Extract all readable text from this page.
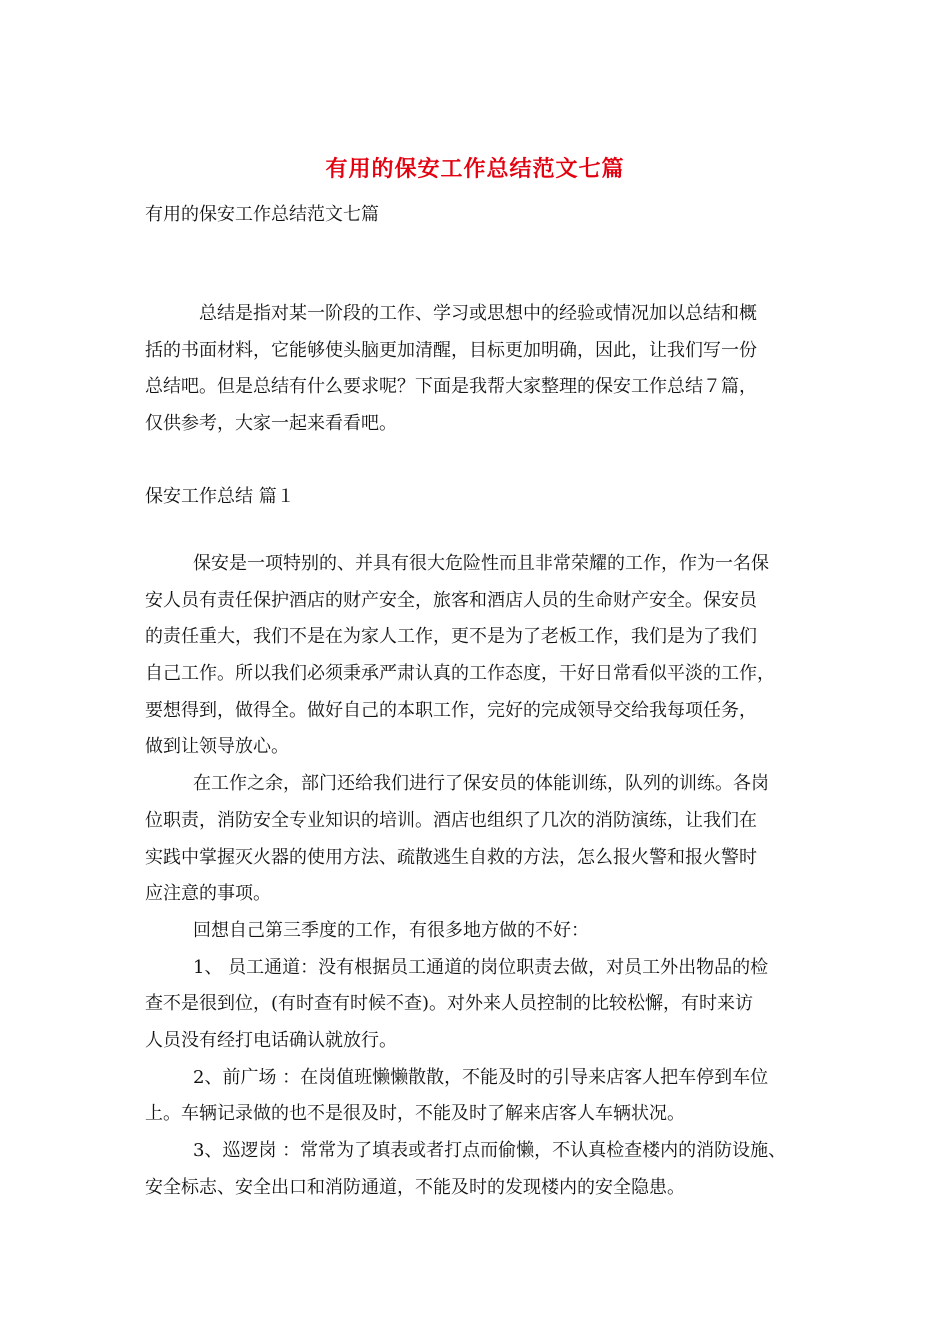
有用的保安工作总结范文七篇
有用的保安工作总结范文七篇
总结是指对某一阶段的工作、学习或思想中的经验或情况加以总结和概
括的书面材料，它能够使头脑更加清醒，目标更加明确，因此，让我们写一份
总结吧。但是总结有什么要求呢？下面是我帮大家整理的保安工作总结７篇，
仅供参考，大家一起来看看吧。
保安工作总结 篇１
保安是一项特别的、并具有很大危险性而且非常荣耀的工作，作为一名保
安人员有责任保护酒店的财产安全，旅客和酒店人员的生命财产安全。保安员
的责任重大，我们不是在为家人工作，更不是为了老板工作，我们是为了我们
自己工作。所以我们必须秉承严肃认真的工作态度，干好日常看似平淡的工作，
要想得到，做得全。做好自己的本职工作，完好的完成领导交给我每项任务，
做到让领导放心。
在工作之余，部门还给我们进行了保安员的体能训练，队列的训练。各岗
位职责，消防安全专业知识的培训。酒店也组织了几次的消防演练，让我们在
实践中掌握灭火器的使用方法、疏散逃生自救的方法，怎么报火警和报火警时
应注意的事项。
回想自己第三季度的工作，有很多地方做的不好：
1、 员工通道：没有根据员工通道的岗位职责去做，对员工外出物品的检
查不是很到位，(有时查有时候不查)。对外来人员控制的比较松懈，有时来访
人员没有经打电话确认就放行。
2、前广场 ：在岗值班懒懒散散，不能及时的引导来店客人把车停到车位
上。车辆记录做的也不是很及时，不能及时了解来店客人车辆状况。
3、巡逻岗 ：常常为了填表或者打点而偷懒，不认真检查楼内的消防设施、
安全标志、安全出口和消防通道，不能及时的发现楼内的安全隐患。
